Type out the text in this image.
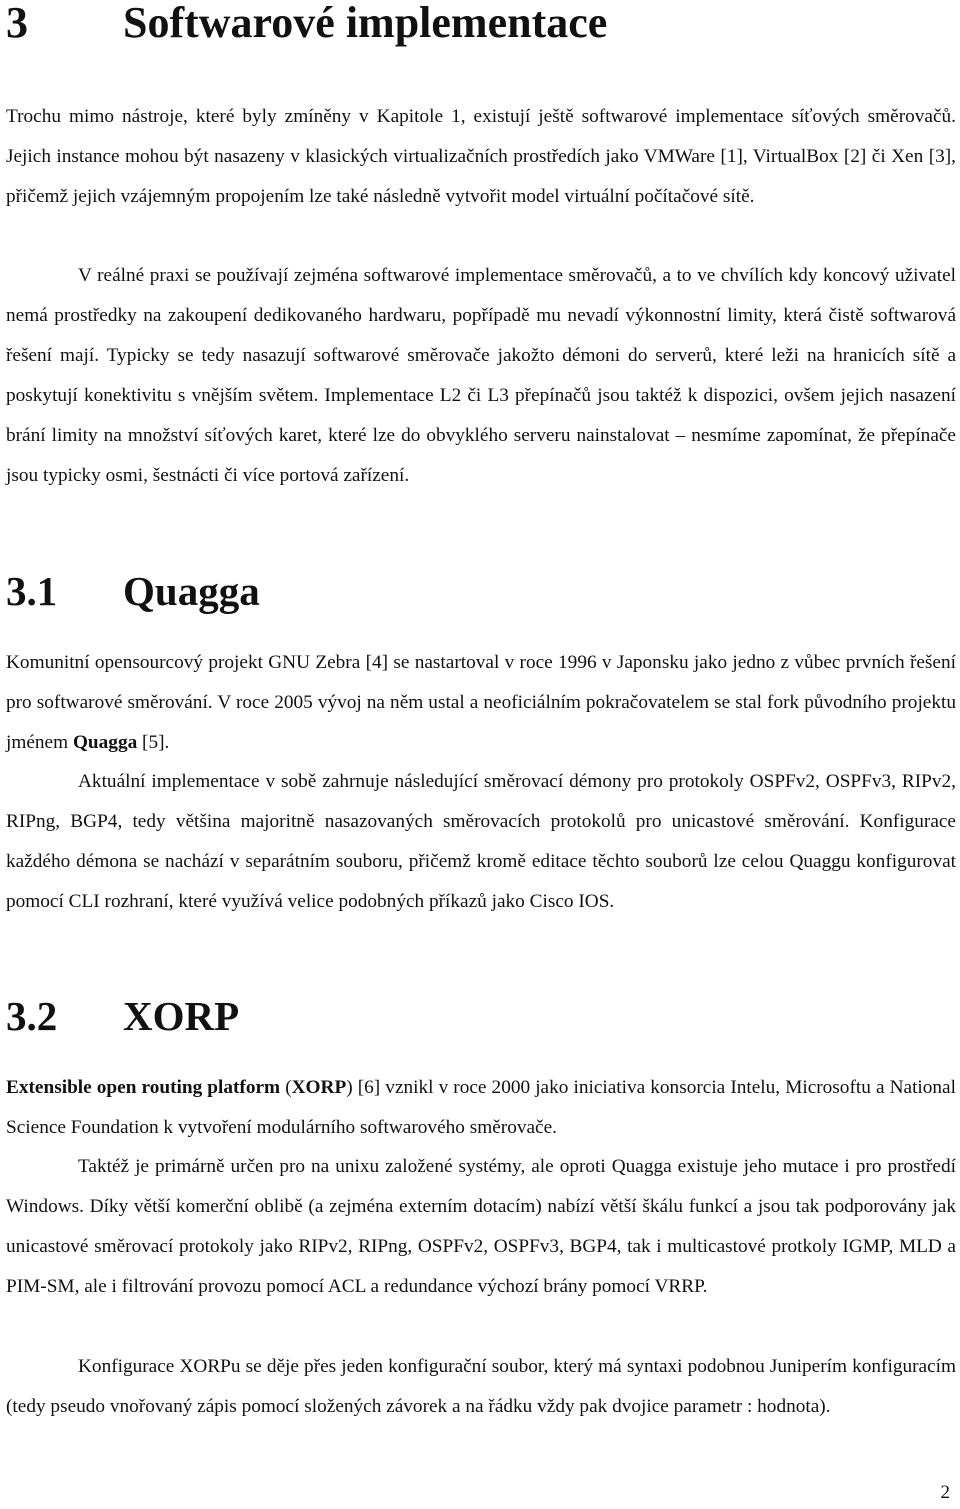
3	Softwarové implementace

Trochu mimo nástroje, které byly zmíněny v Kapitole 1, existují ještě softwarové implementace síťových směrovačů. Jejich instance mohou být nasazeny v klasických virtualizačních prostředích jako VMWare [1], VirtualBox [2] či Xen [3], přičemž jejich vzájemným propojením lze také následně vytvořit model virtuální počítačové sítě.

V reálné praxi se používají zejména softwarové implementace směrovačů, a to ve chvílích kdy koncový uživatel nemá prostředky na zakoupení dedikovaného hardwaru, popřípadě mu nevadí výkonnostní limity, která čistě softwarová řešení mají. Typicky se tedy nasazují softwarové směrovače jakožto démoni do serverů, které leži na hranicích sítě a poskytují konektivitu s vnějším světem. Implementace L2 či L3 přepínačů jsou taktéž k dispozici, ovšem jejich nasazení brání limity na množství síťových karet, které lze do obvyklého serveru nainstalovat – nesmíme zapomínat, že přepínače jsou typicky osmi, šestnácti či více portová zařízení.

3.1	Quagga

Komunitní opensourcový projekt GNU Zebra [4] se nastartoval v roce 1996 v Japonsku jako jedno z vůbec prvních řešení pro softwarové směrování. V roce 2005 vývoj na něm ustal a neoficiálním pokračovatelem se stal fork původního projektu jménem Quagga [5].

Aktuální implementace v sobě zahrnuje následující směrovací démony pro protokoly OSPFv2, OSPFv3, RIPv2, RIPng, BGP4, tedy většina majoritně nasazovaných směrovacích protokolů pro unicastové směrování. Konfigurace každého démona se nachází v separátním souboru, přičemž kromě editace těchto souborů lze celou Quaggu konfigurovat pomocí CLI rozhraní, které využívá velice podobných příkazů jako Cisco IOS.

3.2	XORP

Extensible open routing platform (XORP) [6] vznikl v roce 2000 jako iniciativa konsorcia Intelu, Microsoftu a National Science Foundation k vytvoření modulárního softwarového směrovače.

Taktéž je primárně určen pro na unixu založené systémy, ale oproti Quagga existuje jeho mutace i pro prostředí Windows. Díky větší komerční oblibě (a zejména externím dotacím) nabízí větší škálu funkcí a jsou tak podporovány jak unicastové směrovací protokoly jako RIPv2, RIPng, OSPFv2, OSPFv3, BGP4, tak i multicastové protkoly IGMP, MLD a PIM-SM, ale i filtrování provozu pomocí ACL a redundance výchozí brány pomocí VRRP.

Konfigurace XORPu se děje přes jeden konfigurační soubor, který má syntaxi podobnou Juniperím konfiguracím (tedy pseudo vnořovaný zápis pomocí složených závorek a na řádku vždy pak dvojice parametr : hodnota).

2
